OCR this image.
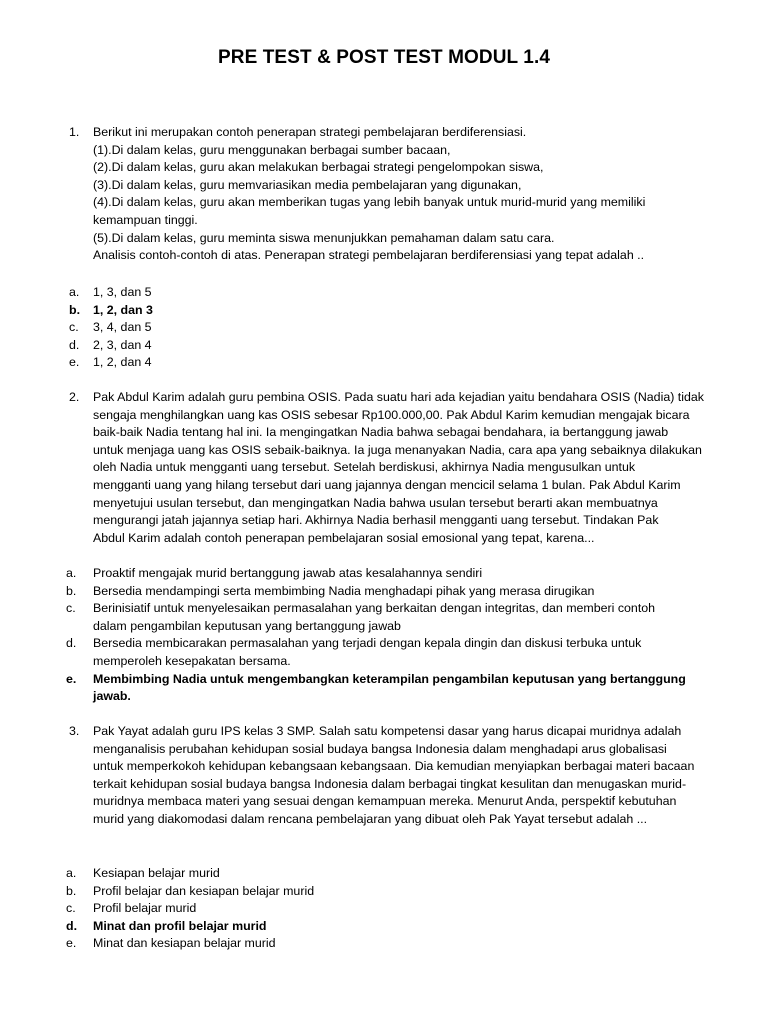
PRE TEST & POST TEST MODUL 1.4
1.	Berikut ini merupakan contoh penerapan strategi pembelajaran berdiferensiasi.
(1).Di dalam kelas, guru menggunakan berbagai sumber bacaan,
(2).Di dalam kelas, guru akan melakukan berbagai strategi pengelompokan siswa,
(3).Di dalam kelas, guru memvariasikan media pembelajaran yang digunakan,
(4).Di dalam kelas, guru akan memberikan tugas yang lebih banyak untuk murid-murid yang memiliki
kemampuan tinggi.
(5).Di dalam kelas, guru meminta siswa menunjukkan pemahaman dalam satu cara.
Analisis contoh-contoh di atas. Penerapan strategi pembelajaran berdiferensiasi yang tepat adalah ..
a.	1, 3, dan 5
b.	1, 2, dan 3
c.	3, 4, dan 5
d.	2, 3, dan 4
e.	1, 2, dan 4
2.	Pak Abdul Karim adalah guru pembina OSIS. Pada suatu hari ada kejadian yaitu bendahara OSIS (Nadia) tidak
sengaja menghilangkan uang kas OSIS sebesar Rp100.000,00. Pak Abdul Karim kemudian mengajak bicara
baik-baik Nadia tentang hal ini. Ia mengingatkan Nadia bahwa sebagai bendahara, ia bertanggung jawab
untuk menjaga uang kas OSIS sebaik-baiknya. Ia juga menanyakan Nadia, cara apa yang sebaiknya dilakukan
oleh Nadia untuk mengganti uang tersebut. Setelah berdiskusi, akhirnya Nadia mengusulkan untuk
mengganti uang yang hilang tersebut dari uang jajannya dengan mencicil selama 1 bulan. Pak Abdul Karim
menyetujui usulan tersebut, dan mengingatkan Nadia bahwa usulan tersebut berarti akan membuatnya
mengurangi jatah jajannya setiap hari. Akhirnya Nadia berhasil mengganti uang tersebut. Tindakan Pak
Abdul Karim adalah contoh penerapan pembelajaran sosial emosional yang tepat, karena...
a.	Proaktif mengajak murid bertanggung jawab atas kesalahannya sendiri
b.	Bersedia mendampingi serta membimbing Nadia menghadapi pihak yang merasa dirugikan
c.	Berinisiatif untuk menyelesaikan permasalahan yang berkaitan dengan integritas, dan memberi contoh
dalam pengambilan keputusan yang bertanggung jawab
d.	Bersedia membicarakan permasalahan yang terjadi dengan kepala dingin dan diskusi terbuka untuk
memperoleh kesepakatan bersama.
e.	Membimbing Nadia untuk mengembangkan keterampilan pengambilan keputusan yang bertanggung
jawab.
3.	Pak Yayat adalah guru IPS kelas 3 SMP. Salah satu kompetensi dasar yang harus dicapai muridnya adalah
menganalisis perubahan kehidupan sosial budaya bangsa Indonesia dalam menghadapi arus globalisasi
untuk memperkokoh kehidupan kebangsaan kebangsaan. Dia kemudian menyiapkan berbagai materi bacaan
terkait kehidupan sosial budaya bangsa Indonesia dalam berbagai tingkat kesulitan dan menugaskan murid-
muridnya membaca materi yang sesuai dengan kemampuan mereka. Menurut Anda, perspektif kebutuhan
murid yang diakomodasi dalam rencana pembelajaran yang dibuat oleh Pak Yayat tersebut adalah ...
a.	Kesiapan belajar murid
b.	Profil belajar dan kesiapan belajar murid
c.	Profil belajar murid
d.	Minat dan profil belajar murid
e.	Minat dan kesiapan belajar murid
